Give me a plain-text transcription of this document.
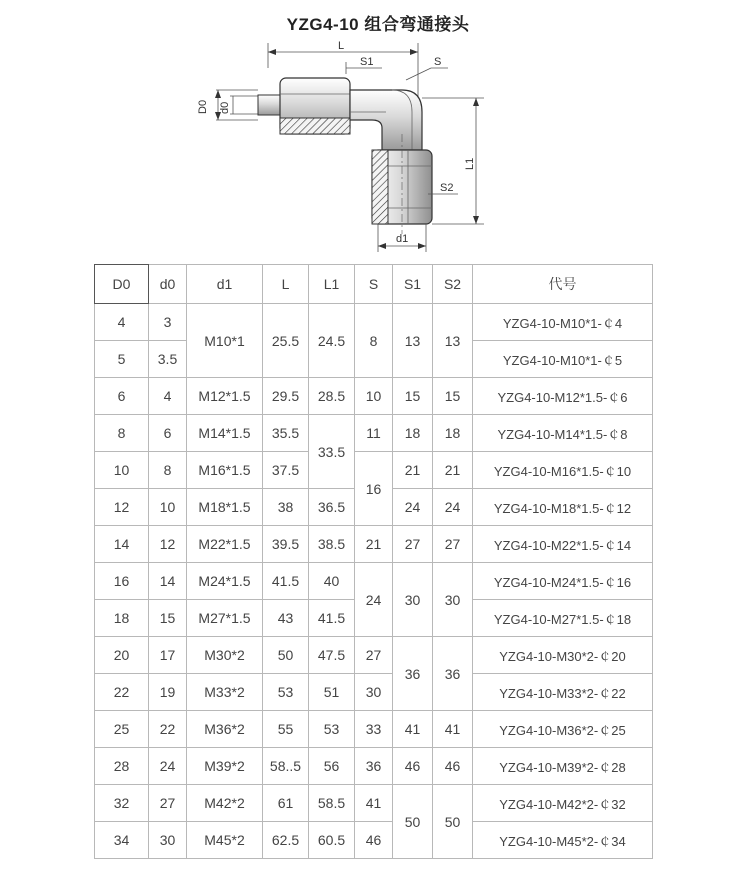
YZG4-10 组合弯通接头
L
S1	S
D0 d0
L1
S2
d1
D0	d0	d1	L	L1	S	S1	S2	代号
4	3	M10*1	25.5	24.5	8	13	13	YZG4-10-M10*1-￠4
5	3.5							YZG4-10-M10*1-￠5
6	4	M12*1.5	29.5	28.5	10	15	15	YZG4-10-M12*1.5-￠6
8	6	M14*1.5	35.5	33.5	11	18	18	YZG4-10-M14*1.5-￠8
10	8	M16*1.5	37.5		16	21	21	YZG4-10-M16*1.5-￠10
12	10	M18*1.5	38	36.5		24	24	YZG4-10-M18*1.5-￠12
14	12	M22*1.5	39.5	38.5	21	27	27	YZG4-10-M22*1.5-￠14
16	14	M24*1.5	41.5	40	24	30	30	YZG4-10-M24*1.5-￠16
18	15	M27*1.5	43	41.5				YZG4-10-M27*1.5-￠18
20	17	M30*2	50	47.5	27	36	36	YZG4-10-M30*2-￠20
22	19	M33*2	53	51	30			YZG4-10-M33*2-￠22
25	22	M36*2	55	53	33	41	41	YZG4-10-M36*2-￠25
28	24	M39*2	58..5	56	36	46	46	YZG4-10-M39*2-￠28
32	27	M42*2	61	58.5	41	50	50	YZG4-10-M42*2-￠32
34	30	M45*2	62.5	60.5	46			YZG4-10-M45*2-￠34
